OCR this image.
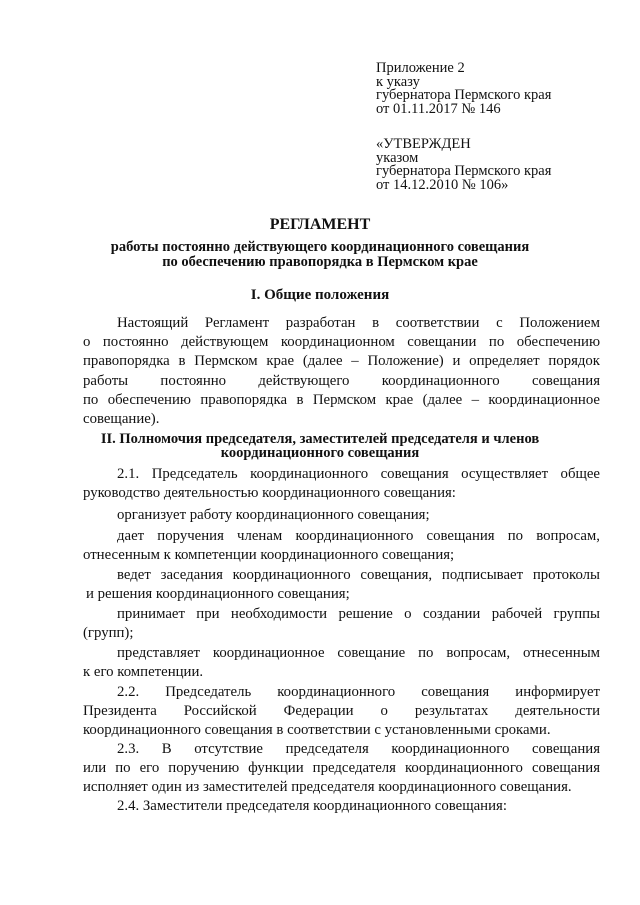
Приложение 2
к указу
губернатора Пермского края
от 01.11.2017 № 146
«УТВЕРЖДЕН
указом
губернатора Пермского края
от 14.12.2010 № 106»
РЕГЛАМЕНТ
работы постоянно действующего координационного совещания
по обеспечению правопорядка в Пермском крае
I. Общие положения
Настоящий Регламент разработан в соответствии с Положением
о постоянно действующем координационном совещании по обеспечению
правопорядка в Пермском крае (далее – Положение) и определяет порядок
работы постоянно действующего координационного совещания
по обеспечению правопорядка в Пермском крае (далее – координационное
совещание).
II. Полномочия председателя, заместителей председателя и членов
координационного совещания
2.1. Председатель координационного совещания осуществляет общее
руководство деятельностью координационного совещания:
организует работу координационного совещания;
дает поручения членам координационного совещания по вопросам,
отнесенным к компетенции координационного совещания;
ведет заседания координационного совещания, подписывает протоколы
и решения координационного совещания;
принимает при необходимости решение о создании рабочей группы
(групп);
представляет координационное совещание по вопросам, отнесенным
к его компетенции.
2.2. Председатель координационного совещания информирует
Президента Российской Федерации о результатах деятельности
координационного совещания в соответствии с установленными сроками.
2.3. В отсутствие председателя координационного совещания
или по его поручению функции председателя координационного совещания
исполняет один из заместителей председателя координационного совещания.
2.4. Заместители председателя координационного совещания:
